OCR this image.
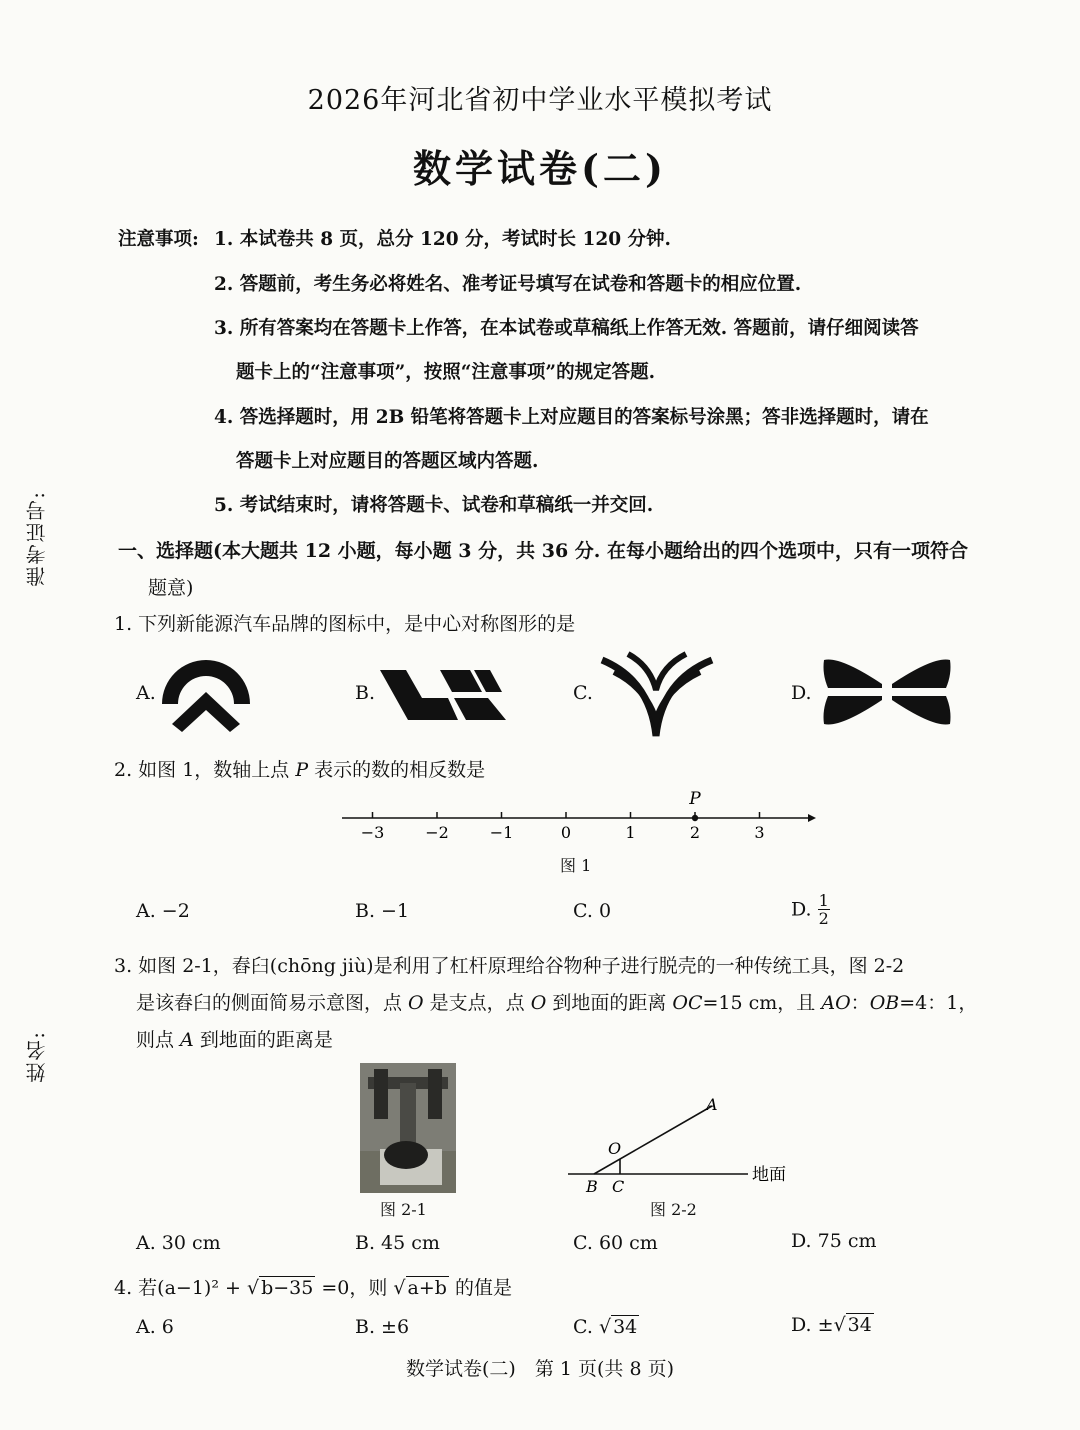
2026年河北省初中学业水平模拟考试
数学试卷(二)
准考证号:
姓名:
注意事项: 1. 本试卷共 8 页，总分 120 分，考试时长 120 分钟.
2. 答题前，考生务必将姓名、准考证号填写在试卷和答题卡的相应位置.
3. 所有答案均在答题卡上作答，在本试卷或草稿纸上作答无效. 答题前，请仔细阅读答
题卡上的“注意事项”，按照“注意事项”的规定答题.
4. 答选择题时，用 2B 铅笔将答题卡上对应题目的答案标号涂黑；答非选择题时，请在
答题卡上对应题目的答题区域内答题.
5. 考试结束时，请将答题卡、试卷和草稿纸一并交回.
一、选择题(本大题共 12 小题，每小题 3 分，共 36 分. 在每小题给出的四个选项中，只有一项符合
题意)
1. 下列新能源汽车品牌的图标中，是中心对称图形的是
A.	B.	C.	D.
2. 如图 1，数轴上点 P 表示的数的相反数是
−3	−2	−1	0	1	2	3
P
图 1
A. −2	B. −1	C. 0	D. $\frac{1}{2}$
3. 如图 2-1，舂臼(chōng jiù)是利用了杠杆原理给谷物种子进行脱壳的一种传统工具，图 2-2
是该舂臼的侧面简易示意图，点 O 是支点，点 O 到地面的距离 OC=15 cm，且 AO：OB=4：1，
则点 A 到地面的距离是
图 2-1
A
O
B C
地面
图 2-2
A. 30 cm	B. 45 cm	C. 60 cm	D. 75 cm
4. 若(a−1)² + √ b−35 =0，则 √ a+b 的值是
A. 6	B. ±6	C. √ 34	D. ±√ 34
数学试卷(二)　第 1 页(共 8 页)
